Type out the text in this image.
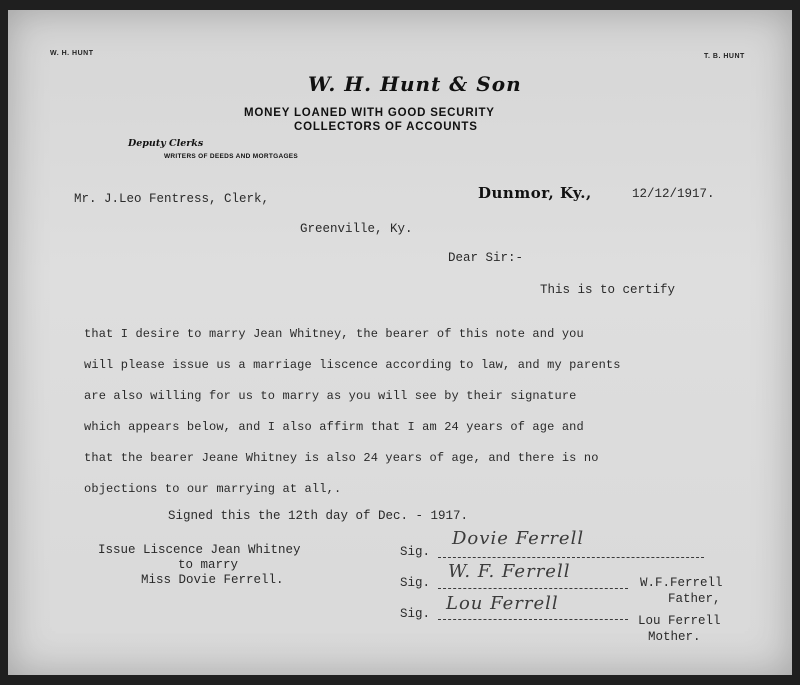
W. H. HUNT	T. B. HUNT
W. H. Hunt & Son
MONEY LOANED WITH GOOD SECURITY
COLLECTORS OF ACCOUNTS
Deputy Clerks
WRITERS OF DEEDS AND MORTGAGES
Dunmor, Ky.,	12/12/1917.
Mr. J.Leo Fentress, Clerk,
Greenville, Ky.
Dear Sir:-
This is to certify
that I desire to marry Jean Whitney, the bearer of this note and you
will please issue us a marriage liscence according to law, and my parents
are also willing for us to marry as you will see by their signature
which appears below, and I also affirm that I am 24 years of age and
that the bearer Jeane Whitney is also 24 years of age, and there is no
objections to our marrying at all,.
Signed this the 12th day of Dec. - 1917.
Issue Liscence Jean Whitney
to marry
Miss Dovie Ferrell.
Sig.
Dovie Ferrell
Sig.
W. F. Ferrell
W.F.Ferrell
Father,
Sig. Lou Ferrell
Lou Ferrell
Mother.
